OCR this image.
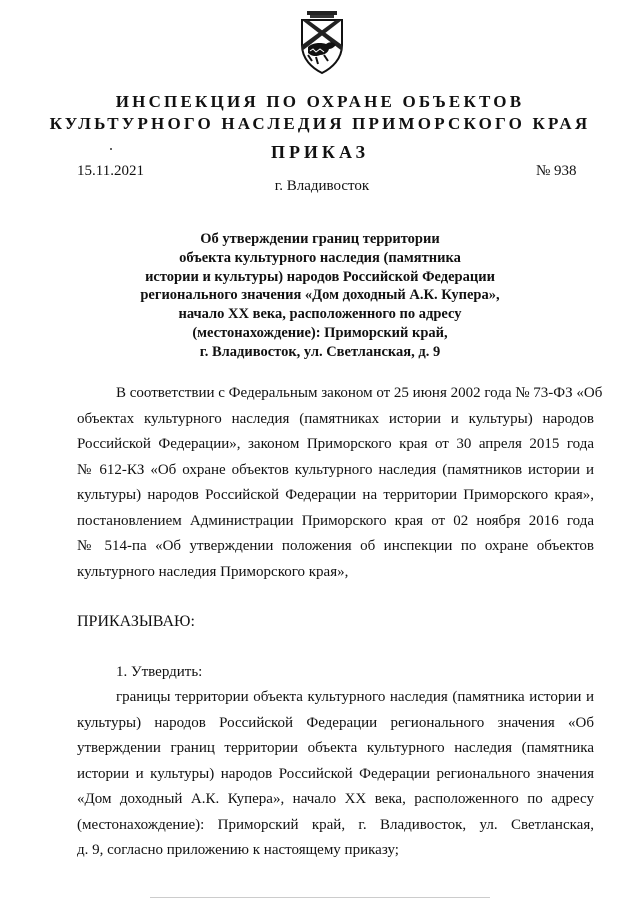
ИНСПЕКЦИЯ ПО ОХРАНЕ ОБЪЕКТОВ
КУЛЬТУРНОГО НАСЛЕДИЯ ПРИМОРСКОГО КРАЯ
ПРИКАЗ
15.11.2021	№ 938
г. Владивосток
Об утверждении границ территории
объекта культурного наследия (памятника
истории и культуры) народов Российской Федерации
регионального значения «Дом доходный А.К. Купера»,
начало XX века, расположенного по адресу
(местонахождение): Приморский край,
г. Владивосток, ул. Светланская, д. 9
В соответствии с Федеральным законом от 25 июня 2002 года № 73-ФЗ «Об
объектах культурного наследия (памятниках истории и культуры) народов
Российской Федерации», законом Приморского края от 30 апреля 2015 года
№ 612-КЗ «Об охране объектов культурного наследия (памятников истории и
культуры) народов Российской Федерации на территории Приморского края»,
постановлением Администрации Приморского края от 02 ноября 2016 года
№ 514-па «Об утверждении положения об инспекции по охране объектов
культурного наследия Приморского края»,
ПРИКАЗЫВАЮ:
1. Утвердить:
границы территории объекта культурного наследия (памятника истории и
культуры) народов Российской Федерации регионального значения «Об
утверждении границ территории объекта культурного наследия (памятника
истории и культуры) народов Российской Федерации регионального значения
«Дом доходный А.К. Купера», начало XX века, расположенного по адресу
(местонахождение): Приморский край, г. Владивосток, ул. Светланская,
д. 9, согласно приложению к настоящему приказу;
